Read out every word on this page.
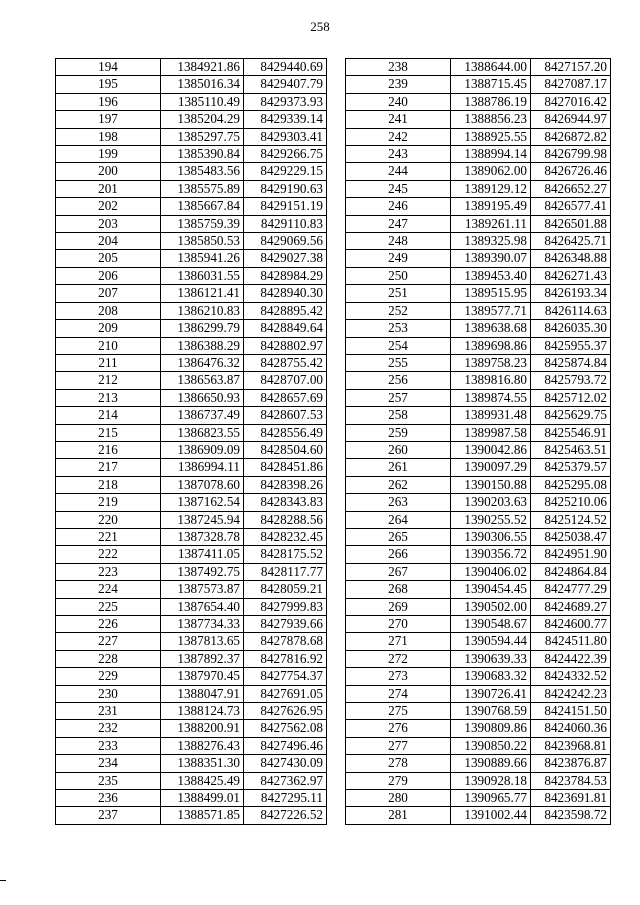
258
194	1384921.86	8429440.69
195	1385016.34	8429407.79
196	1385110.49	8429373.93
197	1385204.29	8429339.14
198	1385297.75	8429303.41
199	1385390.84	8429266.75
200	1385483.56	8429229.15
201	1385575.89	8429190.63
202	1385667.84	8429151.19
203	1385759.39	8429110.83
204	1385850.53	8429069.56
205	1385941.26	8429027.38
206	1386031.55	8428984.29
207	1386121.41	8428940.30
208	1386210.83	8428895.42
209	1386299.79	8428849.64
210	1386388.29	8428802.97
211	1386476.32	8428755.42
212	1386563.87	8428707.00
213	1386650.93	8428657.69
214	1386737.49	8428607.53
215	1386823.55	8428556.49
216	1386909.09	8428504.60
217	1386994.11	8428451.86
218	1387078.60	8428398.26
219	1387162.54	8428343.83
220	1387245.94	8428288.56
221	1387328.78	8428232.45
222	1387411.05	8428175.52
223	1387492.75	8428117.77
224	1387573.87	8428059.21
225	1387654.40	8427999.83
226	1387734.33	8427939.66
227	1387813.65	8427878.68
228	1387892.37	8427816.92
229	1387970.45	8427754.37
230	1388047.91	8427691.05
231	1388124.73	8427626.95
232	1388200.91	8427562.08
233	1388276.43	8427496.46
234	1388351.30	8427430.09
235	1388425.49	8427362.97
236	1388499.01	8427295.11
237	1388571.85	8427226.52
238	1388644.00	8427157.20
239	1388715.45	8427087.17
240	1388786.19	8427016.42
241	1388856.23	8426944.97
242	1388925.55	8426872.82
243	1388994.14	8426799.98
244	1389062.00	8426726.46
245	1389129.12	8426652.27
246	1389195.49	8426577.41
247	1389261.11	8426501.88
248	1389325.98	8426425.71
249	1389390.07	8426348.88
250	1389453.40	8426271.43
251	1389515.95	8426193.34
252	1389577.71	8426114.63
253	1389638.68	8426035.30
254	1389698.86	8425955.37
255	1389758.23	8425874.84
256	1389816.80	8425793.72
257	1389874.55	8425712.02
258	1389931.48	8425629.75
259	1389987.58	8425546.91
260	1390042.86	8425463.51
261	1390097.29	8425379.57
262	1390150.88	8425295.08
263	1390203.63	8425210.06
264	1390255.52	8425124.52
265	1390306.55	8425038.47
266	1390356.72	8424951.90
267	1390406.02	8424864.84
268	1390454.45	8424777.29
269	1390502.00	8424689.27
270	1390548.67	8424600.77
271	1390594.44	8424511.80
272	1390639.33	8424422.39
273	1390683.32	8424332.52
274	1390726.41	8424242.23
275	1390768.59	8424151.50
276	1390809.86	8424060.36
277	1390850.22	8423968.81
278	1390889.66	8423876.87
279	1390928.18	8423784.53
280	1390965.77	8423691.81
281	1391002.44	8423598.72
